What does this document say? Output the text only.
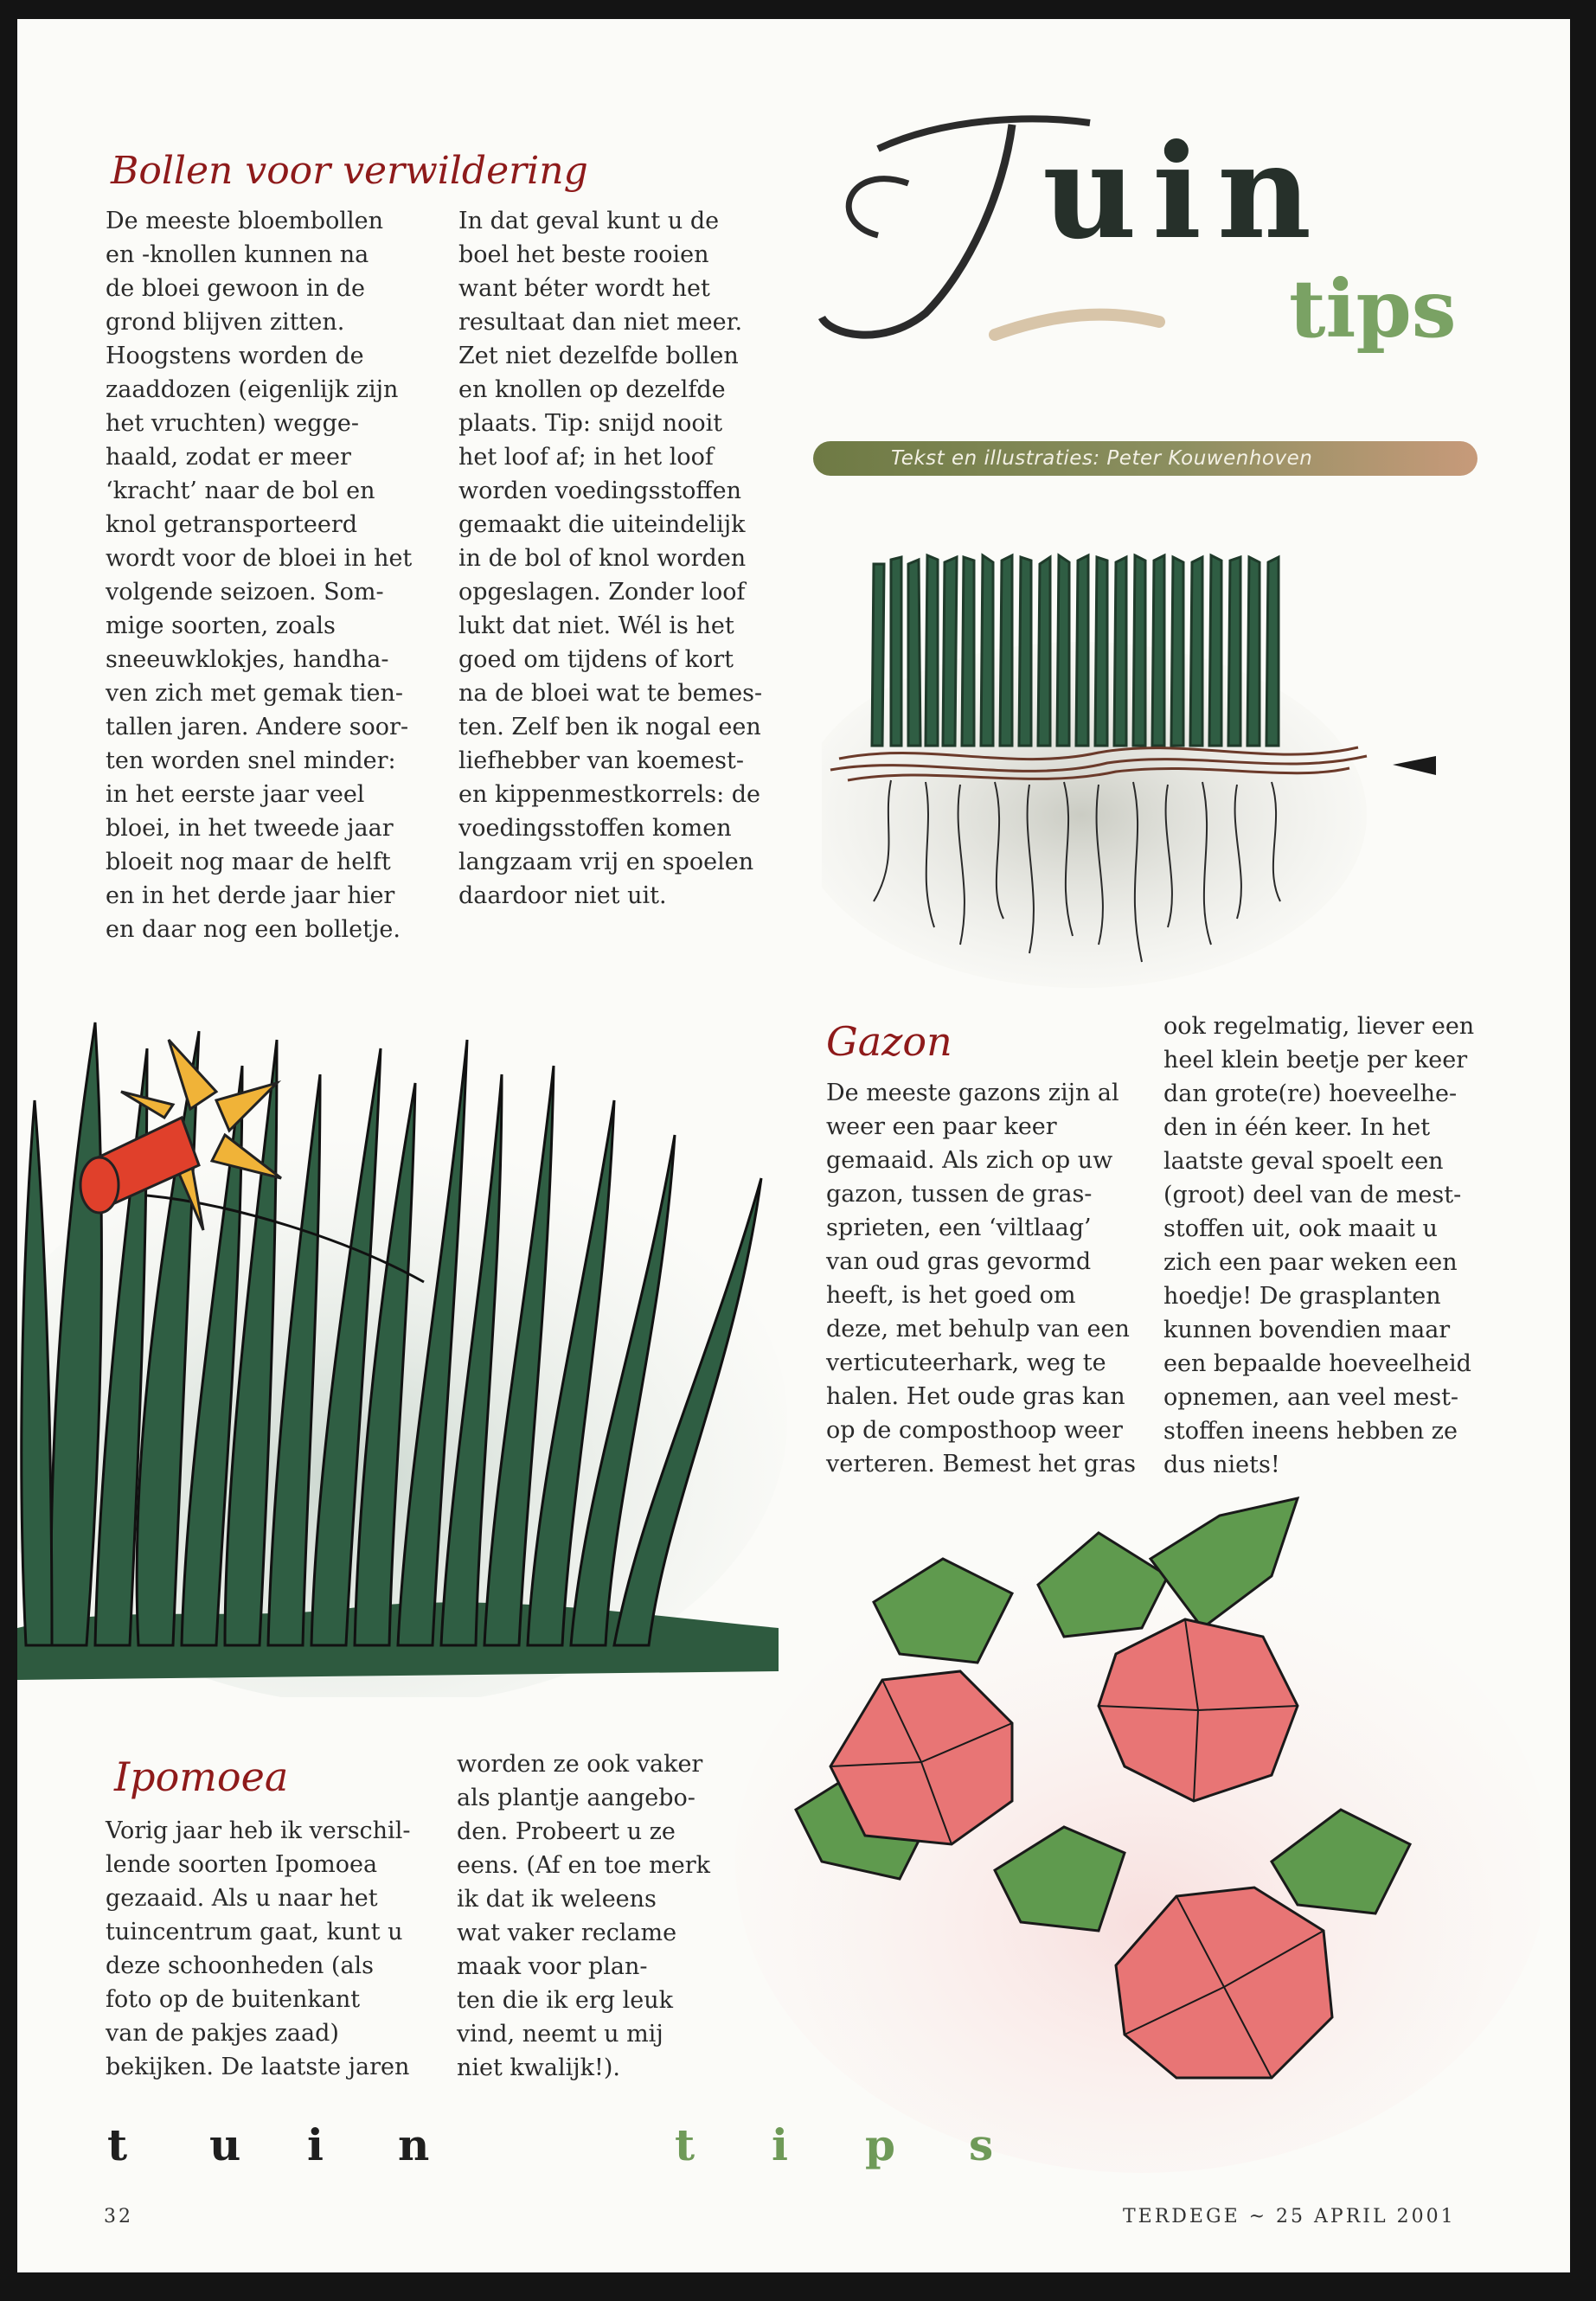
uin
tips
Tekst en illustraties: Peter Kouwenhoven
Bollen voor verwildering

De meeste bloembollen
en -knollen kunnen na
de bloei gewoon in de
grond blijven zitten.
Hoogstens worden de
zaaddozen (eigenlijk zijn
het vruchten) wegge-
haald, zodat er meer
‘kracht’ naar de bol en
knol getransporteerd
wordt voor de bloei in het
volgende seizoen. Som-
mige soorten, zoals
sneeuwklokjes, handha-
ven zich met gemak tien-
tallen jaren. Andere soor-
ten worden snel minder:
in het eerste jaar veel
bloei, in het tweede jaar
bloeit nog maar de helft
en in het derde jaar hier
en daar nog een bolletje.

In dat geval kunt u de
boel het beste rooien
want béter wordt het
resultaat dan niet meer.
Zet niet dezelfde bollen
en knollen op dezelfde
plaats. Tip: snijd nooit
het loof af; in het loof
worden voedingsstoffen
gemaakt die uiteindelijk
in de bol of knol worden
opgeslagen. Zonder loof
lukt dat niet. Wél is het
goed om tijdens of kort
na de bloei wat te bemes-
ten. Zelf ben ik nogal een
liefhebber van koemest-
en kippenmestkorrels: de
voedingsstoffen komen
langzaam vrij en spoelen
daardoor niet uit.

Gazon

De meeste gazons zijn al
weer een paar keer
gemaaid. Als zich op uw
gazon, tussen de gras-
sprieten, een ‘viltlaag’
van oud gras gevormd
heeft, is het goed om
deze, met behulp van een
verticuteerhark, weg te
halen. Het oude gras kan
op de composthoop weer
verteren. Bemest het gras

ook regelmatig, liever een
heel klein beetje per keer
dan grote(re) hoeveelhe-
den in één keer. In het
laatste geval spoelt een
(groot) deel van de mest-
stoffen uit, ook maait u
zich een paar weken een
hoedje! De grasplanten
kunnen bovendien maar
een bepaalde hoeveelheid
opnemen, aan veel mest-
stoffen ineens hebben ze
dus niets!

Ipomoea

Vorig jaar heb ik verschil-
lende soorten Ipomoea
gezaaid. Als u naar het
tuincentrum gaat, kunt u
deze schoonheden (als
foto op de buitenkant
van de pakjes zaad)
bekijken. De laatste jaren

worden ze ook vaker
als plantje aangebo-
den. Probeert u ze
eens. (Af en toe merk
ik dat ik weleens
wat vaker reclame
maak voor plan-
ten die ik erg leuk
vind, neemt u mij
niet kwalijk!).

t u i n	t i p s
32	TERDEGE ~ 25 APRIL 2001
